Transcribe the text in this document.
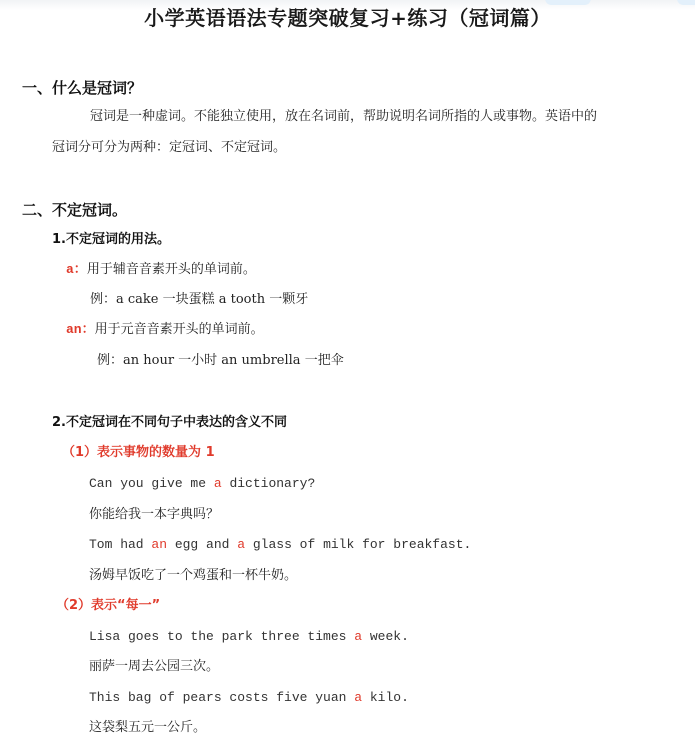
小学英语语法专题突破复习+练习（冠词篇）
一、什么是冠词？
冠词是一种虚词。不能独立使用，放在名词前，帮助说明名词所指的人或事物。英语中的
冠词分可分为两种：定冠词、不定冠词。
二、不定冠词。
1.不定冠词的用法。
a：用于辅音音素开头的单词前。
例：a cake 一块蛋糕 a tooth 一颗牙
an：用于元音音素开头的单词前。
例：an hour 一小时 an umbrella 一把伞
2.不定冠词在不同句子中表达的含义不同
（1）表示事物的数量为 1
Can you give me a dictionary?
你能给我一本字典吗？
Tom had an egg and a glass of milk for breakfast.
汤姆早饭吃了一个鸡蛋和一杯牛奶。
（2）表示“每一”
Lisa goes to the park three times a week.
丽萨一周去公园三次。
This bag of pears costs five yuan a kilo.
这袋梨五元一公斤。
